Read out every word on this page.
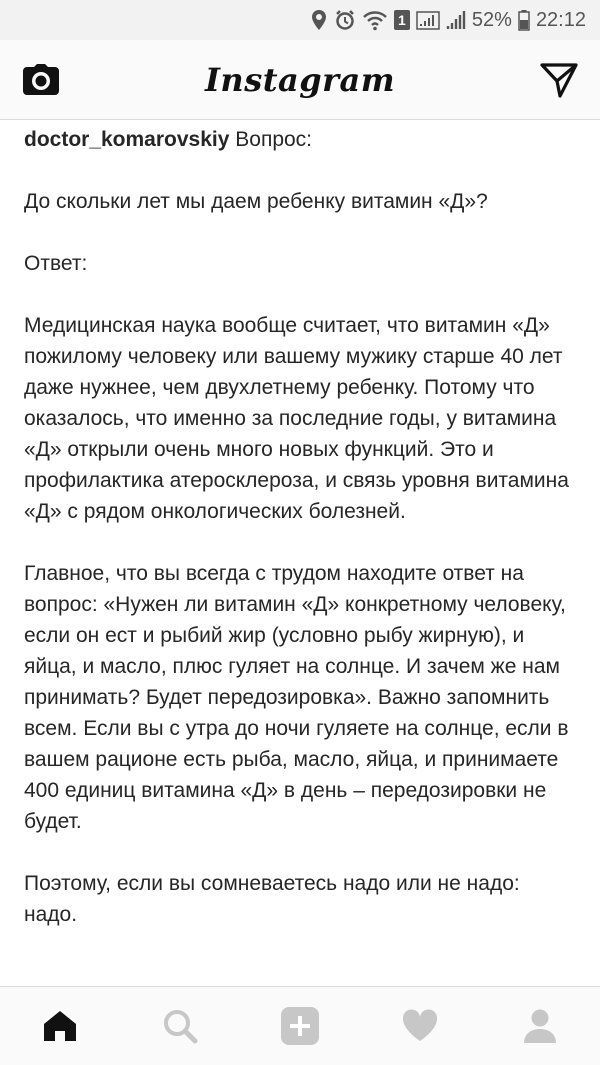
1	52% 22:12
Instagram

doctor_komarovskiy Вопрос:

До скольки лет мы даем ребенку витамин «Д»?

Ответ:

Медицинская наука вообще считает, что витамин «Д» пожилому человеку или вашему мужику старше 40 лет даже нужнее, чем двухлетнему ребенку. Потому что оказалось, что именно за последние годы, у витамина «Д» открыли очень много новых функций. Это и профилактика атеросклероза, и связь уровня витамина «Д» с рядом онкологических болезней.

Главное, что вы всегда с трудом находите ответ на вопрос: «Нужен ли витамин «Д» конкретному человеку, если он ест и рыбий жир (условно рыбу жирную), и яйца, и масло, плюс гуляет на солнце. И зачем же нам принимать? Будет передозировка». Важно запомнить всем. Если вы с утра до ночи гуляете на солнце, если в вашем рационе есть рыба, масло, яйца, и принимаете 400 единиц витамина «Д» в день – передозировки не будет.

Поэтому, если вы сомневаетесь надо или не надо: надо.
